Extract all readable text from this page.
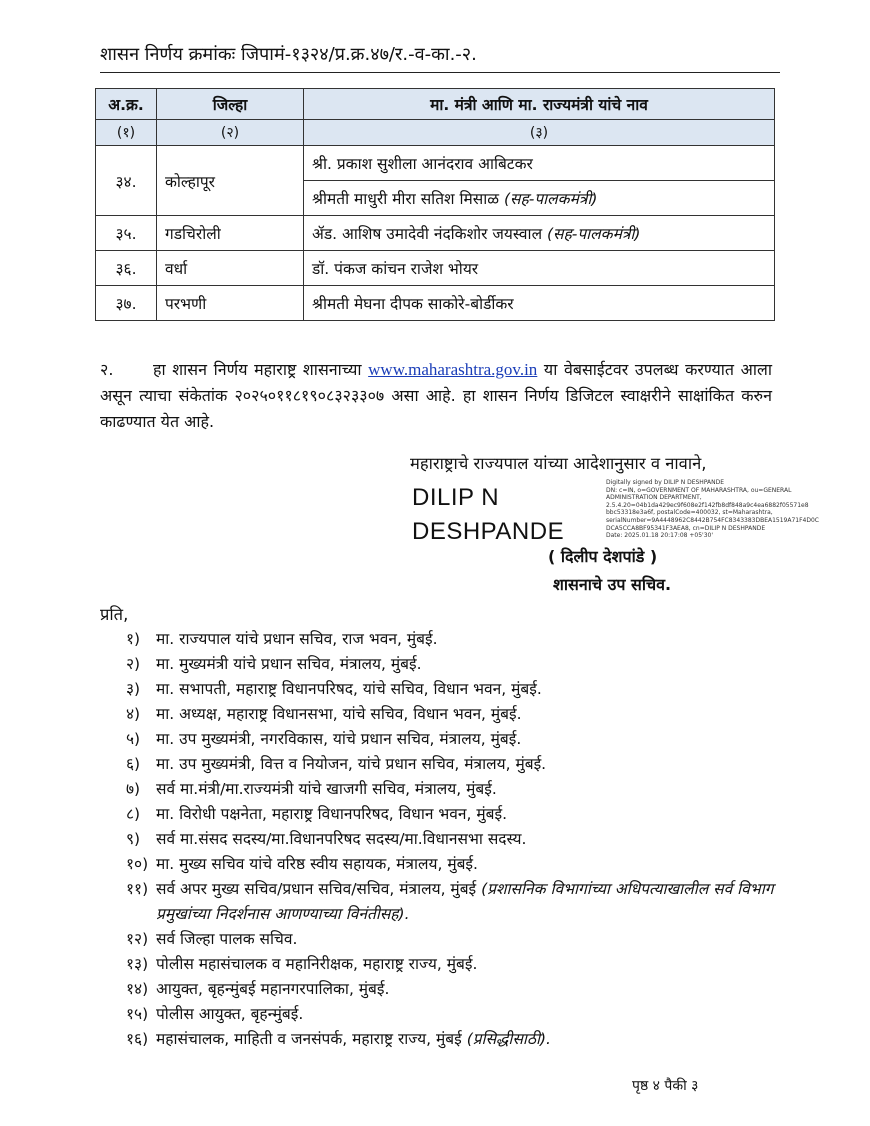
शासन निर्णय क्रमांकः जिपामं-१३२४/प्र.क्र.४७/र.-व-का.-२.
अ.क्र.	जिल्हा	मा. मंत्री आणि मा. राज्यमंत्री यांचे नाव
(१)	(२)	(३)
३४.	कोल्हापूर	श्री. प्रकाश सुशीला आनंदराव आबिटकर
		श्रीमती माधुरी मीरा सतिश मिसाळ (सह-पालकमंत्री)
३५.	गडचिरोली	ॲड. आशिष उमादेवी नंदकिशोर जयस्वाल (सह-पालकमंत्री)
३६.	वर्धा	डॉ. पंकज कांचन राजेश भोयर
३७.	परभणी	श्रीमती मेघना दीपक साकोरे-बोर्डीकर
२. हा शासन निर्णय महाराष्ट्र शासनाच्या www.maharashtra.gov.in या वेबसाईटवर उपलब्ध करण्यात आला असून त्याचा संकेतांक २०२५०११८१९०८३२३३०७ असा आहे. हा शासन निर्णय डिजिटल स्वाक्षरीने साक्षांकित करुन काढण्यात येत आहे.
महाराष्ट्राचे राज्यपाल यांच्या आदेशानुसार व नावाने,
DILIP N
DESHPANDE
Digitally signed by DILIP N DESHPANDE
DN: c=IN, o=GOVERNMENT OF MAHARASHTRA, ou=GENERAL
ADMINISTRATION DEPARTMENT,
2.5.4.20=04b1da429ec9f608e2f142fb8df848a9c4ea6882f05571e8
bbc53318e3a6f, postalCode=400032, st=Maharashtra,
serialNumber=9A4448962C8442B754FC8343383DBEA1519A71F4D0C
DCA5CCA8BF95341F3AEA8, cn=DILIP N DESHPANDE
Date: 2025.01.18 20:17:08 +05'30'
( दिलीप देशपांडे )
शासनाचे उप सचिव.
प्रति,
१)	मा. राज्यपाल यांचे प्रधान सचिव, राज भवन, मुंबई.
२)	मा. मुख्यमंत्री यांचे प्रधान सचिव, मंत्रालय, मुंबई.
३)	मा. सभापती, महाराष्ट्र विधानपरिषद, यांचे सचिव, विधान भवन, मुंबई.
४)	मा. अध्यक्ष, महाराष्ट्र विधानसभा, यांचे सचिव, विधान भवन, मुंबई.
५)	मा. उप मुख्यमंत्री, नगरविकास, यांचे प्रधान सचिव, मंत्रालय, मुंबई.
६)	मा. उप मुख्यमंत्री, वित्त व नियोजन, यांचे प्रधान सचिव, मंत्रालय, मुंबई.
७)	सर्व मा.मंत्री/मा.राज्यमंत्री यांचे खाजगी सचिव, मंत्रालय, मुंबई.
८)	मा. विरोधी पक्षनेता, महाराष्ट्र विधानपरिषद, विधान भवन, मुंबई.
९)	सर्व मा.संसद सदस्य/मा.विधानपरिषद सदस्य/मा.विधानसभा सदस्य.
१०) मा. मुख्य सचिव यांचे वरिष्ठ स्वीय सहायक, मंत्रालय, मुंबई.
११) सर्व अपर मुख्य सचिव/प्रधान सचिव/सचिव, मंत्रालय, मुंबई (प्रशासनिक विभागांच्या अधिपत्याखालील सर्व विभाग प्रमुखांच्या निदर्शनास आणण्याच्या विनंतीसह).
१२) सर्व जिल्हा पालक सचिव.
१३) पोलीस महासंचालक व महानिरीक्षक, महाराष्ट्र राज्य, मुंबई.
१४) आयुक्त, बृहन्मुंबई महानगरपालिका, मुंबई.
१५) पोलीस आयुक्त, बृहन्मुंबई.
१६) महासंचालक, माहिती व जनसंपर्क, महाराष्ट्र राज्य, मुंबई (प्रसिद्धीसाठी).
पृष्ठ ४ पैकी ३
